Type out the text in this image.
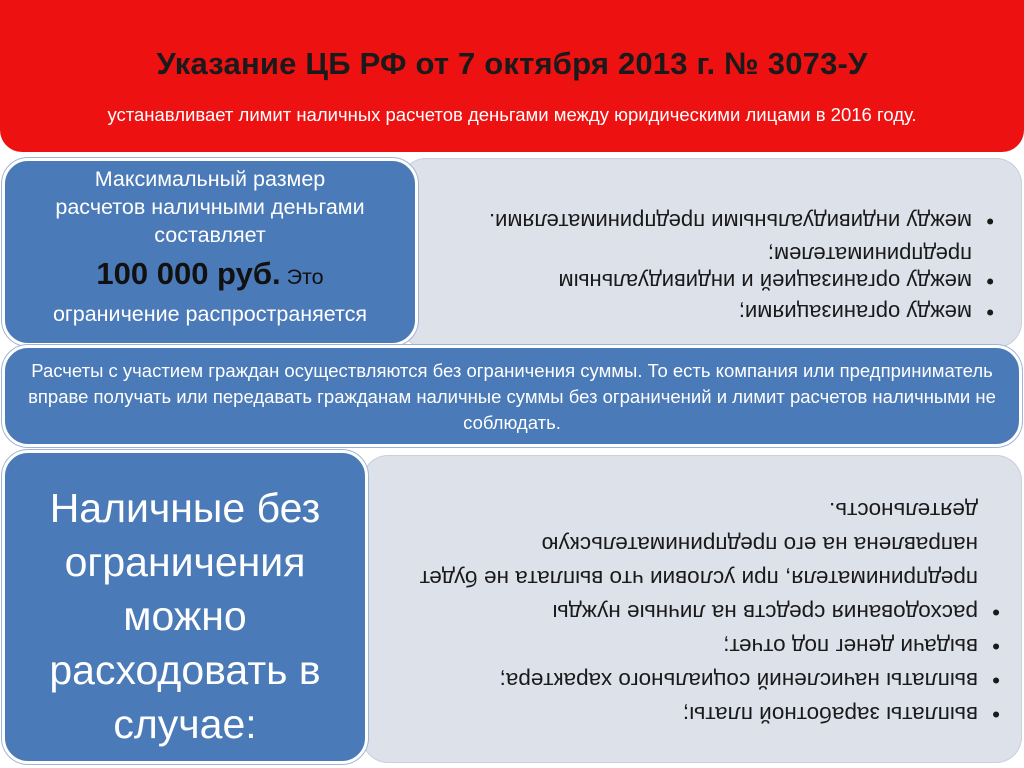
Указание ЦБ РФ от 7 октября 2013 г. № 3073-У
устанавливает лимит наличных расчетов деньгами между юридическими лицами в 2016 году.
• между организациями;
• между организацией и индивидуальным предпринимателем;
• между индивидуальными предпринимателями.
Максимальный размер
расчетов наличными деньгами
составляет
100 000 руб. Это
ограничение распространяется
Расчеты с участием граждан осуществляются без ограничения суммы. То есть компания или предприниматель вправе получать или передавать гражданам наличные суммы без ограничений и лимит расчетов наличными не соблюдать.
• выплаты заработной платы;
• выплаты начислений социального характера;
• выдачи денег под отчет;
• расходования средств на личные нужды предпринимателя, при условии что выплата не будет направлена на его предпринимательскую деятельность.
Наличные без
ограничения
можно
расходовать в
случае:
